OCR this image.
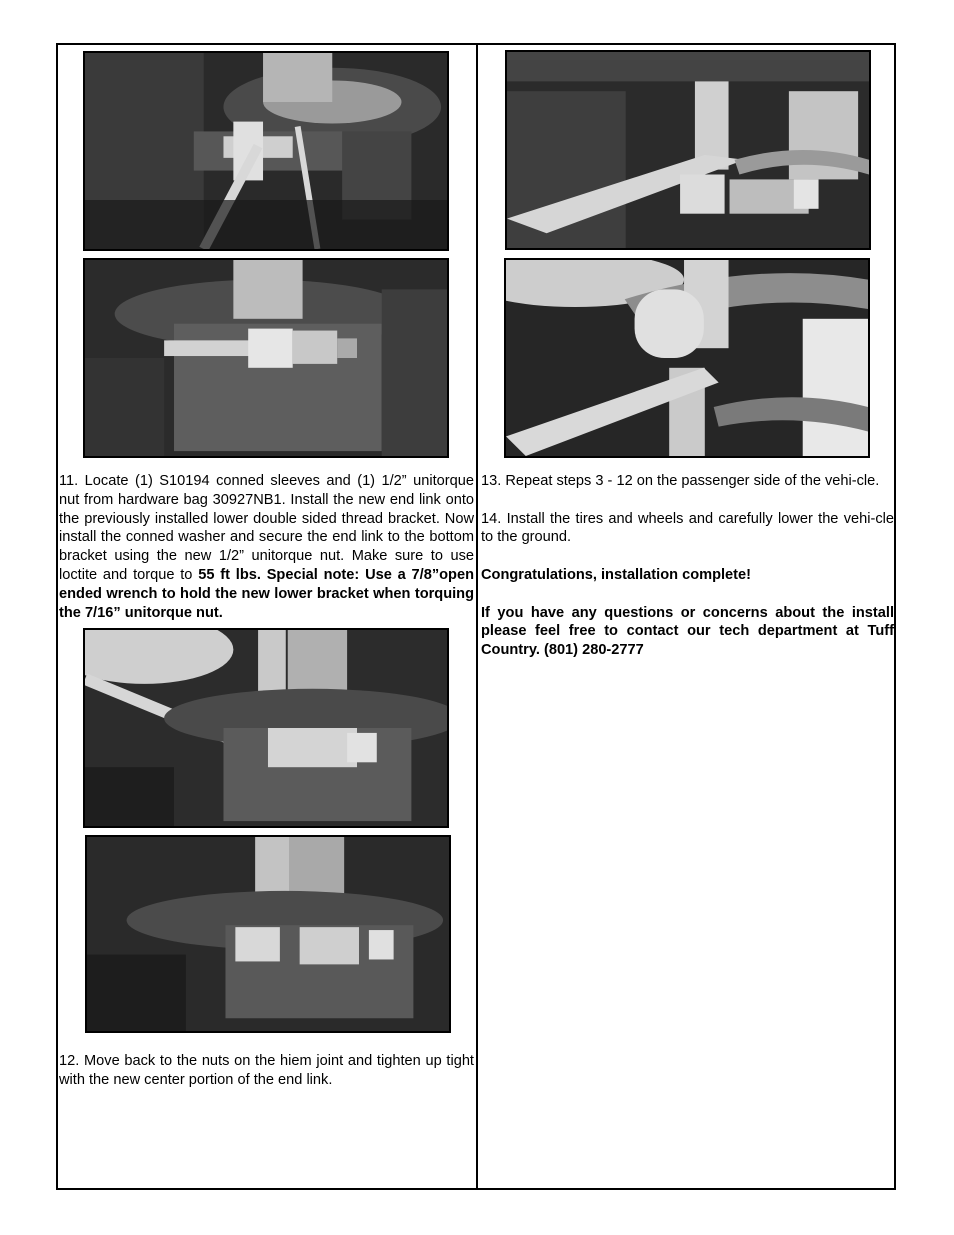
11. Locate (1) S10194 conned sleeves and (1) 1/2” unitorque nut from hardware bag 30927NB1. Install the new end link onto the previously installed lower double sided thread bracket. Now install the conned washer and secure the end link to the bottom bracket using the new 1/2” unitorque nut. Make sure to use loctite and torque to 55 ft lbs. Special note: Use a 7/8”open ended wrench to hold the new lower bracket when torquing the 7/16” unitorque nut.

12. Move back to the nuts on the hiem joint and tighten up tight with the new center portion of the end link.

13. Repeat steps 3 - 12 on the passenger side of the vehi-cle.

14. Install the tires and wheels and carefully lower the vehi-cle to the ground.

Congratulations, installation complete!

If you have any questions or concerns about the install please feel free to contact our tech department at Tuff Country. (801) 280-2777
